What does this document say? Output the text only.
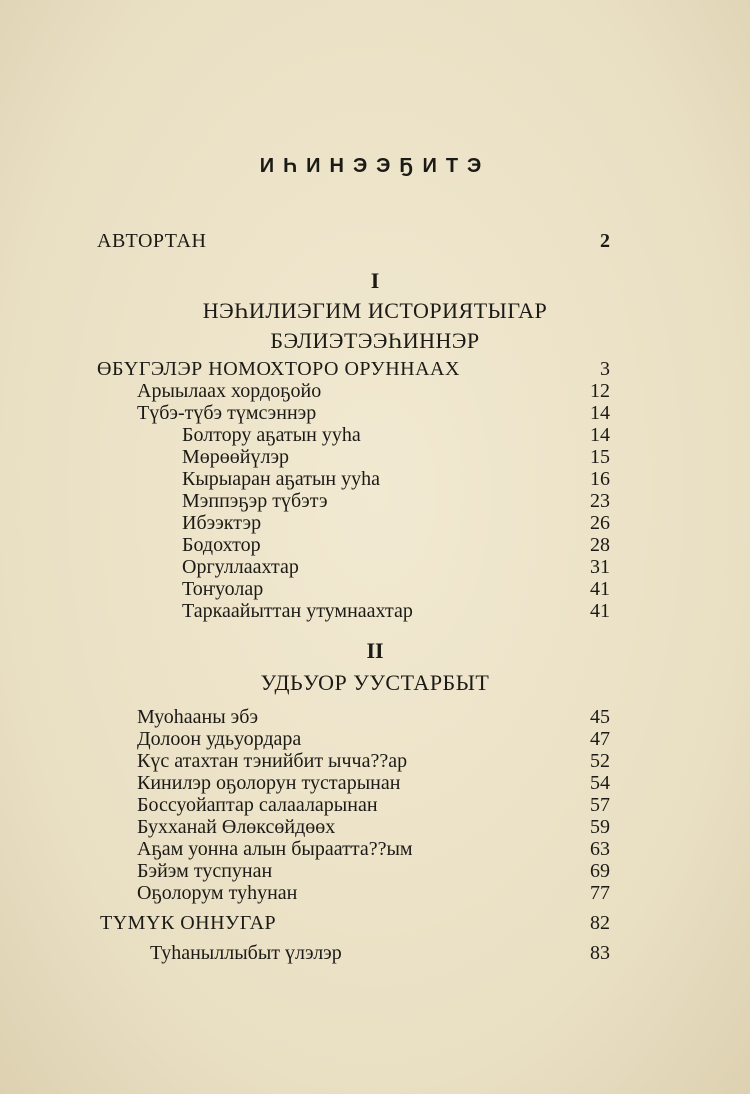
ИҺИНЭЭҔИТЭ
АВТОРТАН	2
I
НЭҺИЛИЭГИМ ИСТОРИЯТЫГАР
БЭЛИЭТЭЭҺИННЭР
ӨБҮГЭЛЭР НОМОХТОРО ОРУННААХ	3
Арыылаах хордоҕойо	12
Түбэ-түбэ түмсэннэр	14
Болтору аҕатын ууһа	14
Мөрөөйүлэр	15
Кырыаран аҕатын ууһа	16
Мэппэҕэр түбэтэ	23
Ибээктэр	26
Бодохтор	28
Оргуллаахтар	31
Тоҥуолар	41
Таркаайыттан утумнаахтар	41
II
УДЬУОР УУСТАРБЫТ
Муоһааны эбэ	45
Долоон удьуордара	47
Күс атахтан тэнийбит ычча??ар	52
Кинилэр оҕолорун тустарынан	54
Боссуойаптар салааларынан	57
Бухханай Өлөксөйдөөх	59
Аҕам уонна алын быраатта??ым	63
Бэйэм туспунан	69
Оҕолорум туһунан	77
ТҮМҮК ОННУГАР	82
Туһаныллыбыт үлэлэр	83
